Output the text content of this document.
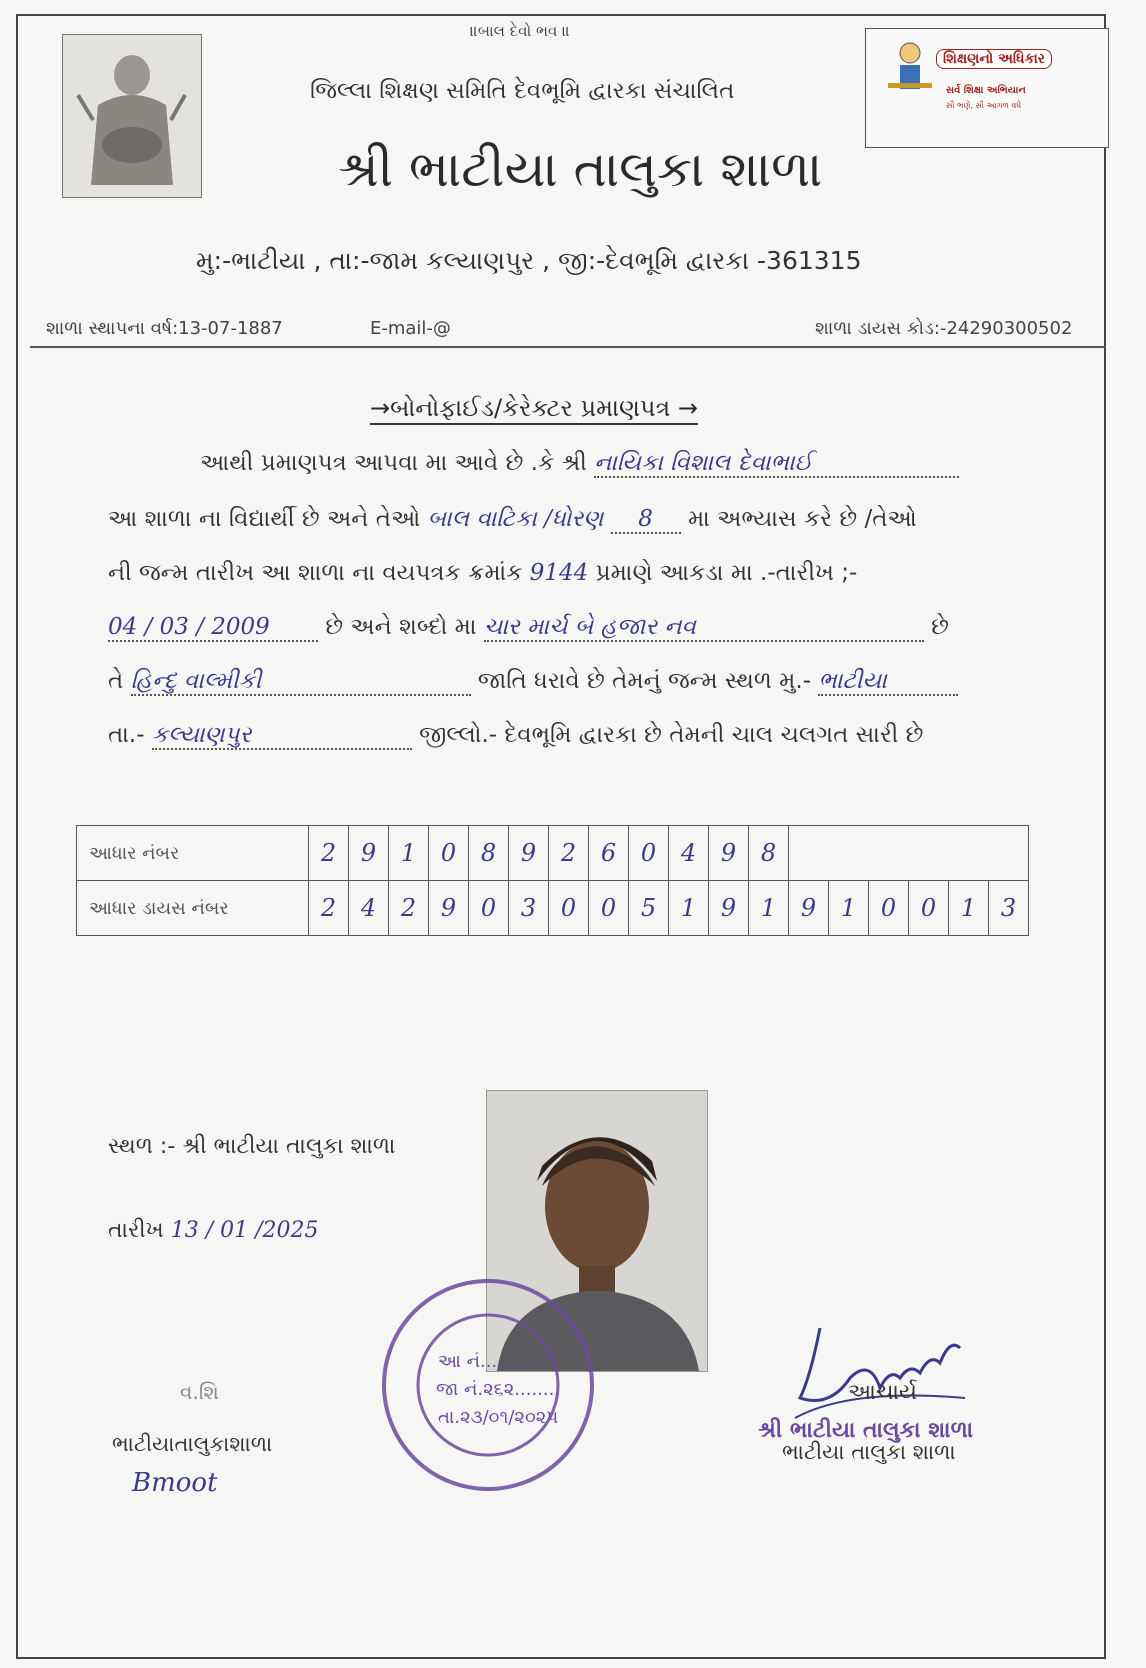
॥બાલ દેવો ભવ ॥
શિક્ષણનો અધિકાર
સર્વ શિક્ષા અભિયાન
સૌ ભણે, સૌ આગળ વધે
જિલ્લા શિક્ષણ સમિતિ દેવભૂમિ દ્વારકા સંચાલિત
શ્રી ભાટીયા તાલુકા શાળા
મુ:-ભાટીયા , તા:-જામ કલ્યાણપુર , જી:-દેવભૂમિ દ્વારકા -361315
શાળા સ્થાપના વર્ષ:13-07-1887	E-mail-@	શાળા ડાયસ કોડ:-24290300502
→બોનોફાઈડ/કેરેક્ટર પ્રમાણપત્ર →
આથી પ્રમાણપત્ર આપવા મા આવે છે .કે શ્રી નાયિકા વિશાલ દેવાભાઈ
આ શાળા ના વિદ્યાર્થી છે અને તેઓ બાલ વાટિકા /ધોરણ 8 મા અભ્યાસ કરે છે /તેઓ
ની જન્મ તારીખ આ શાળા ના વયપત્રક ક્રમાંક 9144 પ્રમાણે આકડા મા .-તારીખ ;-
04 / 03 / 2009 છે અને શબ્દો મા ચાર માર્ચ બે હજાર નવ	છે
તે હિન્દુ વાલ્મીકી	જાતિ ધરાવે છે તેમનું જન્મ સ્થળ મુ.- ભાટીયા
તા.- કલ્યાણપુર	જીલ્લો.- દેવભૂમિ દ્વારકા છે તેમની ચાલ ચલગત સારી છે
આધાર નંબર	2	9	1	0	8	9	2	6	0	4	9	8						
આધાર ડાયસ નંબર	2	4	2	9	0	3	0	0	5	1	9	1	9	1	0	0	1	3
સ્થળ :- શ્રી ભાટીયા તાલુકા શાળા
તારીખ 13 / 01 /2025
આ નં.........
જા નં.૨૬૨........
તા.૨૩/૦૧/૨૦૨૫
વ.શિ
ભાટીયાતાલુકાશાળા
Bmoot
આચાર્ય
શ્રી ભાટીયા તાલુકા શાળા
ભાટીયા તાલુકા શાળા
